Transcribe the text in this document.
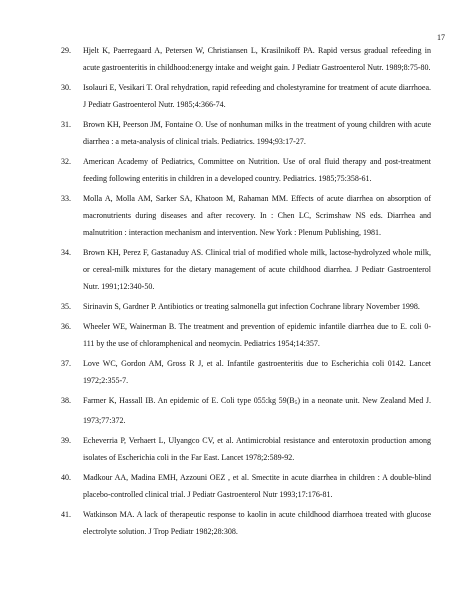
17
29. Hjelt K, Paerregaard A, Petersen W, Christiansen L, Krasilnikoff PA. Rapid versus gradual refeeding in acute gastroenteritis in childhood:energy intake and weight gain. J Pediatr Gastroenterol Nutr. 1989;8:75-80.
30. Isolauri E, Vesikari T. Oral rehydration, rapid refeeding and cholestyramine for treatment of acute diarrhoea. J Pediatr Gastroenterol Nutr. 1985;4:366-74.
31. Brown KH, Peerson JM, Fontaine O. Use of nonhuman milks in the treatment of young children with acute diarrhea : a meta-analysis of clinical trials. Pediatrics. 1994;93:17-27.
32. American Academy of Pediatrics, Committee on Nutrition. Use of oral fluid therapy and post-treatment feeding following enteritis in children in a developed country. Pediatrics. 1985;75:358-61.
33. Molla A, Molla AM, Sarker SA, Khatoon M, Rahaman MM. Effects of acute diarrhea on absorption of macronutrients during diseases and after recovery. In : Chen LC, Scrimshaw NS eds. Diarrhea and malnutrition : interaction mechanism and intervention. New York : Plenum Publishing, 1981.
34. Brown KH, Perez F, Gastanaduy AS. Clinical trial of modified whole milk, lactose-hydrolyzed whole milk, or cereal-milk mixtures for the dietary management of acute childhood diarrhea. J Pediatr Gastroenterol Nutr. 1991;12:340-50.
35. Sirinavin S, Gardner P. Antibiotics or treating salmonella gut infection Cochrane library November 1998.
36. Wheeler WE, Wainerman B. The treatment and prevention of epidemic infantile diarrhea due to E. coli 0-111 by the use of chloramphenical and neomycin. Pediatrics 1954;14:357.
37. Love WC, Gordon AM, Gross R J, et al. Infantile gastroenteritis due to Escherichia coli 0142. Lancet 1972;2:355-7.
38. Farmer K, Hassall IB. An epidemic of E. Coli type 055:kg 59(B5) in a neonate unit. New Zealand Med J. 1973;77:372.
39. Echeverria P, Verhaert L, Ulyangco CV, et al. Antimicrobial resistance and enterotoxin production among isolates of Escherichia coli in the Far East. Lancet 1978;2:589-92.
40. Madkour AA, Madina EMH, Azzouni OEZ , et al. Smectite in acute diarrhea in children : A double-blind placebo-controlled clinical trial. J Pediatr Gastroenterol Nutr 1993;17:176-81.
41. Watkinson MA. A lack of therapeutic response to kaolin in acute childhood diarrhoea treated with glucose electrolyte solution. J Trop Pediatr 1982;28:308.
